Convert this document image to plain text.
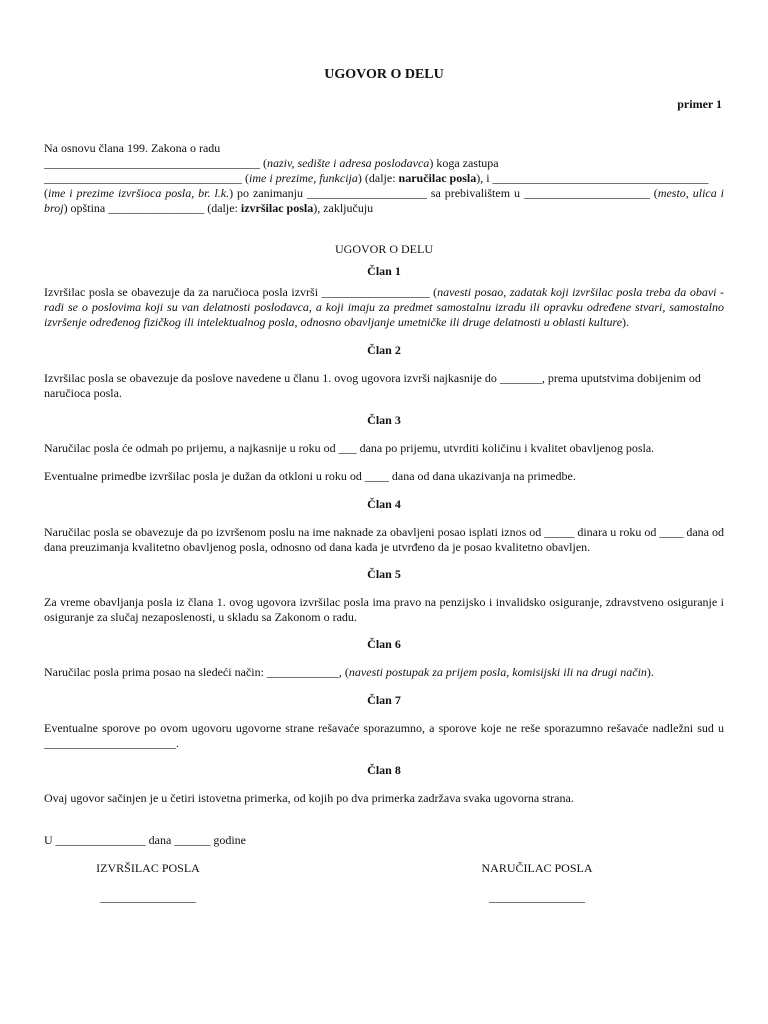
UGOVOR O DELU
primer 1

Na osnovu člana 199. Zakona o radu

____________________________________ (naziv, sedište i adresa poslodavca) koga zastupa

_________________________________ (ime i prezime, funkcija) (dalje: naručilac posla), i ____________________________________

(ime i prezime izvršioca posla, br. l.k.) po zanimanju ____________________ sa prebivalištem u _____________________ (mesto, ulica i broj) opština ________________ (dalje: izvršilac posla), zaključuju

UGOVOR O DELU
Član 1

Izvršilac posla se obavezuje da za naručioca posla izvrši __________________ (navesti posao, zadatak koji izvršilac posla treba da obavi - radi se o poslovima koji su van delatnosti poslodavca, a koji imaju za predmet samostalnu izradu ili opravku određene stvari, samostalno izvršenje određenog fizičkog ili intelektualnog posla, odnosno obavljanje umetničke ili druge delatnosti u oblasti kulture).

Član 2

Izvršilac posla se obavezuje da poslove navedene u članu 1. ovog ugovora izvrši najkasnije do _______, prema uputstvima dobijenim od naručioca posla.

Član 3

Naručilac posla će odmah po prijemu, a najkasnije u roku od ___ dana po prijemu, utvrditi količinu i kvalitet obavljenog posla.

Eventualne primedbe izvršilac posla je dužan da otkloni u roku od ____ dana od dana ukazivanja na primedbe.

Član 4

Naručilac posla se obavezuje da po izvršenom poslu na ime naknade za obavljeni posao isplati iznos od _____ dinara u roku od ____ dana od dana preuzimanja kvalitetno obavljenog posla, odnosno od dana kada je utvrđeno da je posao kvalitetno obavljen.

Član 5

Za vreme obavljanja posla iz člana 1. ovog ugovora izvršilac posla ima pravo na penzijsko i invalidsko osiguranje, zdravstveno osiguranje i osiguranje za slučaj nezaposlenosti, u skladu sa Zakonom o radu.

Član 6

Naručilac posla prima posao na sledeći način: ____________, (navesti postupak za prijem posla, komisijski ili na drugi način).

Član 7

Eventualne sporove po ovom ugovoru ugovorne strane rešavaće sporazumno, a sporove koje ne reše sporazumno rešavaće nadležni sud u ______________________.

Član 8

Ovaj ugovor sačinjen je u četiri istovetna primerka, od kojih po dva primerka zadržava svaka ugovorna strana.

U _______________ dana ______ godine

IZVRŠILAC POSLA
________________
NARUČILAC POSLA
________________
